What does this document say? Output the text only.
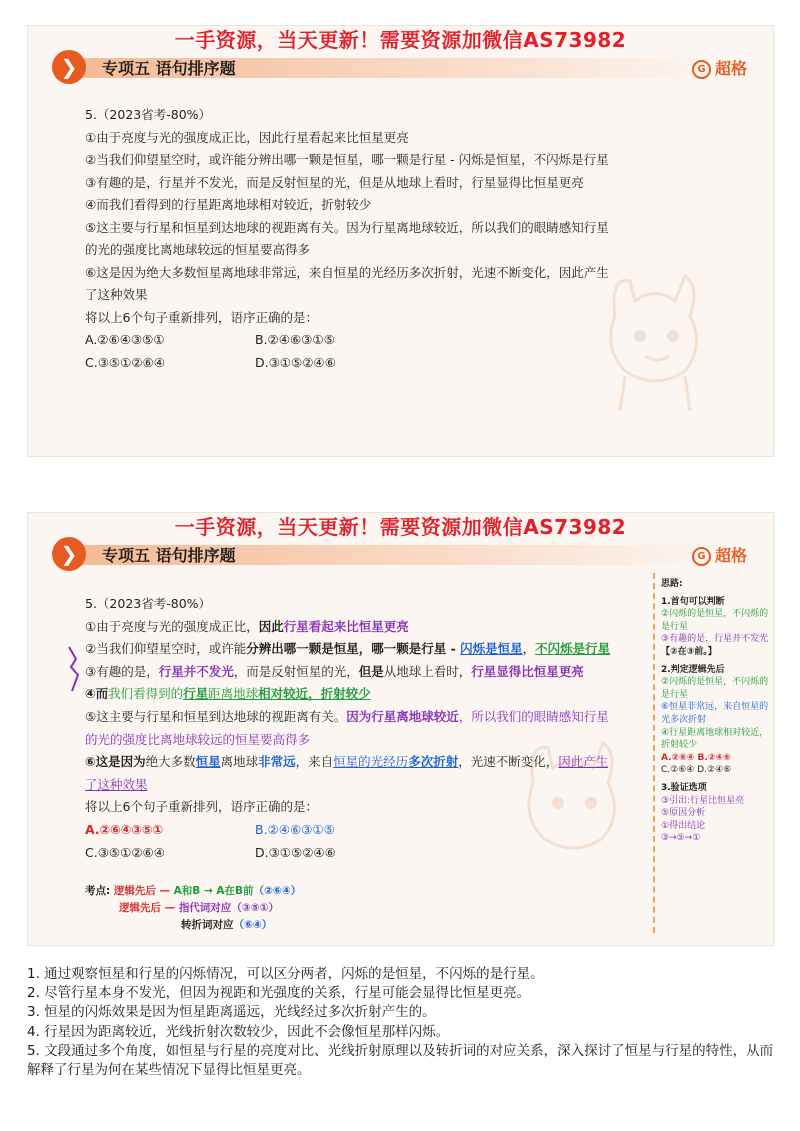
一手资源，当天更新！需要资源加微信AS73982
❯	专项五 语句排序题	G 超格
5.（2023省考-80%）
①由于亮度与光的强度成正比，因此行星看起来比恒星更亮
②当我们仰望星空时，或许能分辨出哪一颗是恒星，哪一颗是行星 - 闪烁是恒星，不闪烁是行星
③有趣的是，行星并不发光，而是反射恒星的光，但是从地球上看时，行星显得比恒星更亮
④而我们看得到的行星距离地球相对较近，折射较少
⑤这主要与行星和恒星到达地球的视距离有关。因为行星离地球较近，所以我们的眼睛感知行星
的光的强度比离地球较远的恒星要高得多
⑥这是因为绝大多数恒星离地球非常远，来自恒星的光经历多次折射，光速不断变化，因此产生
了这种效果
将以上6个句子重新排列，语序正确的是：
A.②⑥④③⑤①	B.②④⑥③①⑤
C.③⑤①②⑥④	D.③①⑤②④⑥
一手资源，当天更新！需要资源加微信AS73982
❯	专项五 语句排序题	G 超格
5.（2023省考-80%）
①由于亮度与光的强度成正比，因此行星看起来比恒星更亮
②当我们仰望星空时，或许能分辨出哪一颗是恒星，哪一颗是行星 - 闪烁是恒星，不闪烁是行星
③有趣的是，行星并不发光，而是反射恒星的光，但是从地球上看时，行星显得比恒星更亮
④而我们看得到的行星距离地球相对较近，折射较少
⑤这主要与行星和恒星到达地球的视距离有关。因为行星离地球较近，所以我们的眼睛感知行星
的光的强度比离地球较远的恒星要高得多
⑥这是因为绝大多数恒星离地球非常远，来自恒星的光经历多次折射，光速不断变化，因此产生
了这种效果
将以上6个句子重新排列，语序正确的是：
A.②⑥④③⑤①	B.②④⑥③①⑤
C.③⑤①②⑥④	D.③①⑤②④⑥
考点: 逻辑先后 — A和B → A在B前（②⑥④）
逻辑先后 — 指代词对应（③⑤①）
转折词对应（⑥④）
思路:
1.首句可以判断
②闪烁的是恒星，不闪烁的是行星
③有趣的是，行星并不发光
【②在③前。】
2.判定逻辑先后
②闪烁的是恒星，不闪烁的是行星
⑥恒星非常远，来自恒星的光多次折射
④行星距离地球相对较近，折射较少
A.②⑥④ B.②④⑥
C.②⑥④ D.②④⑥
3.验证选项
③引出:行星比恒星亮
⑤原因分析
①得出结论
③→⑤→①

1. 通过观察恒星和行星的闪烁情况，可以区分两者，闪烁的是恒星，不闪烁的是行星。

2. 尽管行星本身不发光，但因为视距和光强度的关系，行星可能会显得比恒星更亮。

3. 恒星的闪烁效果是因为恒星距离遥远，光线经过多次折射产生的。

4. 行星因为距离较近，光线折射次数较少，因此不会像恒星那样闪烁。

5. 文段通过多个角度，如恒星与行星的亮度对比、光线折射原理以及转折词的对应关系，深入探讨了恒星与行星的特性，从而解释了行星为何在某些情况下显得比恒星更亮。
